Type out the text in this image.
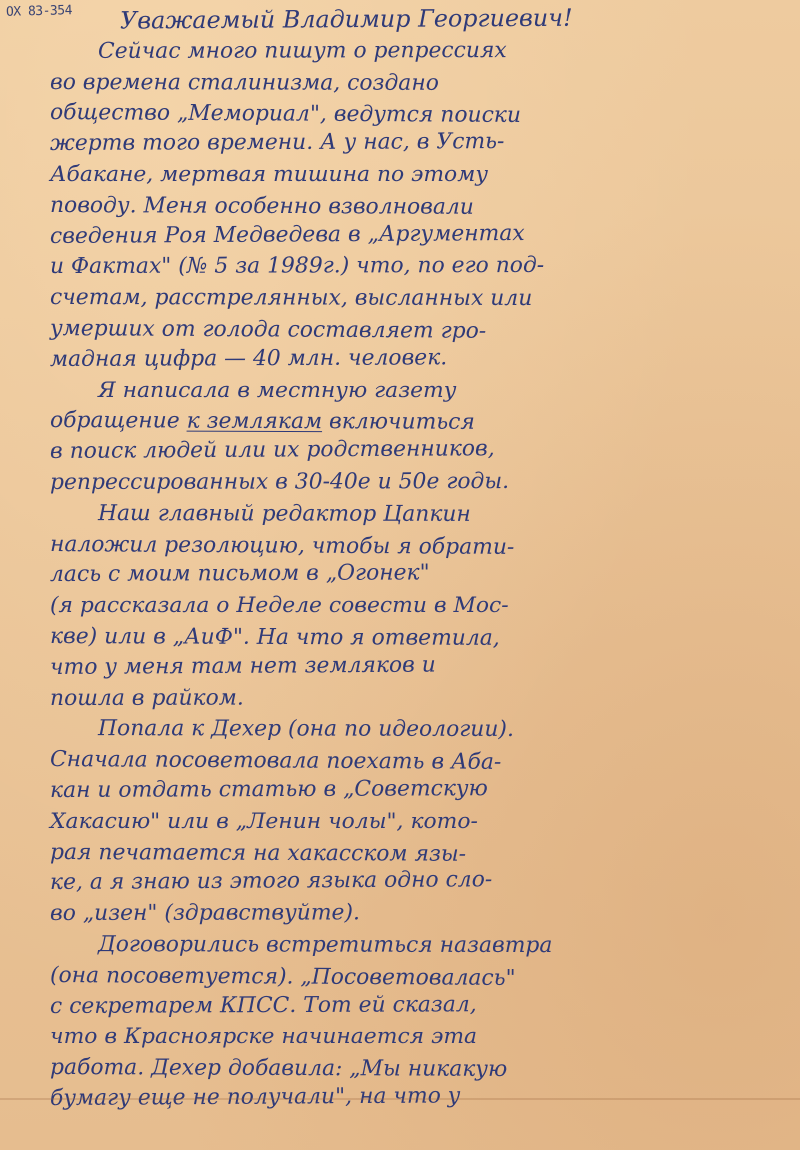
ОХ 83-354	Уважаемый Владимир Георгиевич!
Сейчас много пишут о репрессиях
во времена сталинизма, создано
общество „Мемориал", ведутся поиски
жертв того времени. А у нас, в Усть-
Абакане, мертвая тишина по этому
поводу. Меня особенно взволновали
сведения Роя Медведева в „Аргументах
и Фактах" (№ 5 за 1989г.) что, по его под-
счетам, расстрелянных, высланных или
умерших от голода составляет гро-
мадная цифра — 40 млн. человек.
Я написала в местную газету
обращение к землякам включиться
в поиск людей или их родственников,
репрессированных в 30-40е и 50е годы.
Наш главный редактор Цапкин
наложил резолюцию, чтобы я обрати-
лась с моим письмом в „Огонек"
(я рассказала о Неделе совести в Мос-
кве) или в „АиФ". На что я ответила,
что у меня там нет земляков и
пошла в райком.
Попала к Дехер (она по идеологии).
Сначала посоветовала поехать в Аба-
кан и отдать статью в „Советскую
Хакасию" или в „Ленин чолы", кото-
рая печатается на хакасском язы-
ке, а я знаю из этого языка одно сло-
во „изен" (здравствуйте).
Договорились встретиться назавтра
(она посоветуется). „Посоветовалась"
с секретарем КПСС. Тот ей сказал,
что в Красноярске начинается эта
работа. Дехер добавила: „Мы никакую
бумагу еще не получали", на что у
